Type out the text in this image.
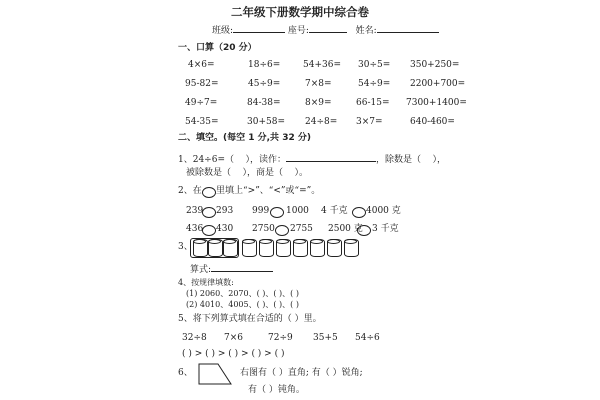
二年级下册数学期中综合卷
班级:	座号:	姓名:
一、口算（20 分）
4×6=	18÷6=	54+36= 30÷5= 350+250=
95-82=	45÷9=	7×8=	54÷9= 2200+700=
49÷7=	84-38=	8×9=	66-15= 7300+1400=
54-35=	30+58= 24÷8= 3×7=	640-460=
二、填空。(每空 1 分,共 32 分)
1、24÷6=（ ），读作：	，除数是（ ），
被除数是（ ），商是（ ）。
2、在 里填上“>”、“<”或“=”。
239 293 999 1000 4 千克 4000 克
436 430 2750 2755 2500 克 3 千克
3、
算式:
4、按规律填数:
(1) 2060、2070、( )、( )、( )
(2) 4010、4005、( )、( )、( )
5、将下列算式填在合适的（ ）里。
32÷8 7×6	72÷9 35+5 54÷6
( ) > ( ) > ( ) > ( ) > ( )
6、	右图有（ ）直角; 有（ ）锐角;
有（ ）钝角。
